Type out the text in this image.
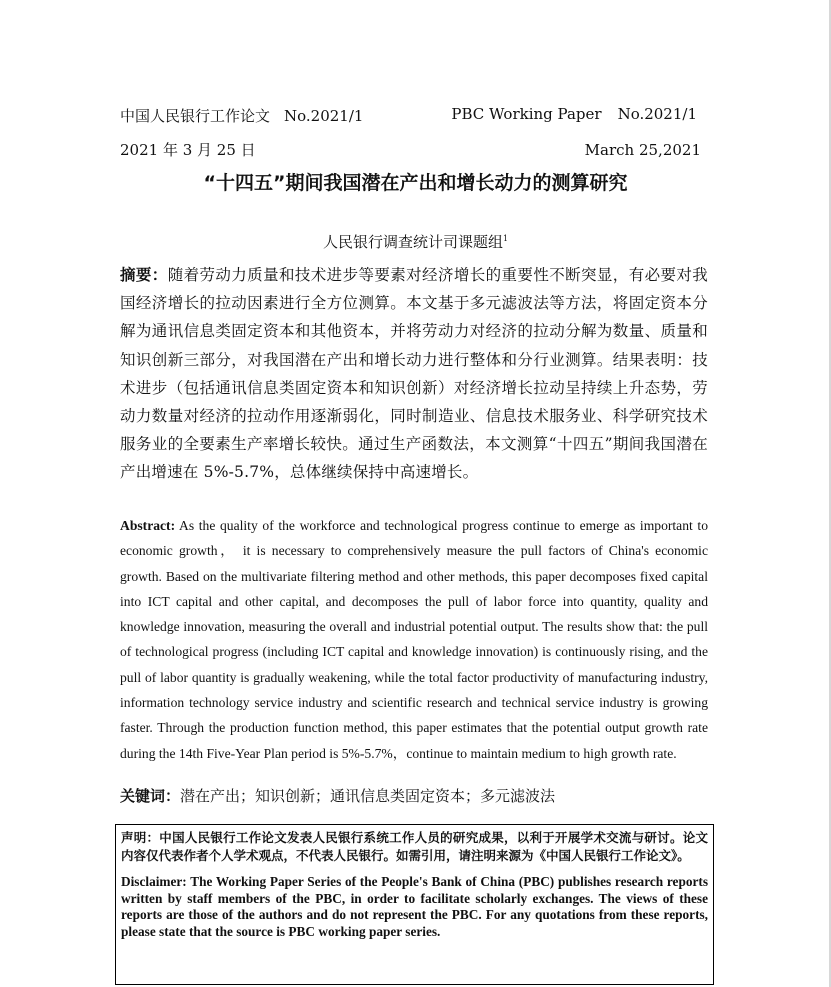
中国人民银行工作论文 No.2021/1	PBC Working Paper No.2021/1
2021 年 3 月 25 日	March 25,2021
“十四五”期间我国潜在产出和增长动力的测算研究
人民银行调查统计司课题组$^1$
摘要：随着劳动力质量和技术进步等要素对经济增长的重要性不断突显，有必要对我国经济增长的拉动因素进行全方位测算。本文基于多元滤波法等方法，将固定资本分解为通讯信息类固定资本和其他资本，并将劳动力对经济的拉动分解为数量、质量和知识创新三部分，对我国潜在产出和增长动力进行整体和分行业测算。结果表明：技术进步（包括通讯信息类固定资本和知识创新）对经济增长拉动呈持续上升态势，劳动力数量对经济的拉动作用逐渐弱化，同时制造业、信息技术服务业、科学研究技术服务业的全要素生产率增长较快。通过生产函数法，本文测算“十四五”期间我国潜在产出增速在 5%-5.7%，总体继续保持中高速增长。
Abstract: As the quality of the workforce and technological progress continue to emerge as important to economic growth， it is necessary to comprehensively measure the pull factors of China's economic growth. Based on the multivariate filtering method and other methods, this paper decomposes fixed capital into ICT capital and other capital, and decomposes the pull of labor force into quantity, quality and knowledge innovation, measuring the overall and industrial potential output. The results show that: the pull of technological progress (including ICT capital and knowledge innovation) is continuously rising, and the pull of labor quantity is gradually weakening, while the total factor productivity of manufacturing industry, information technology service industry and scientific research and technical service industry is growing faster. Through the production function method, this paper estimates that the potential output growth rate during the 14th Five-Year Plan period is 5%-5.7%，continue to maintain medium to high growth rate.
关键词：潜在产出；知识创新；通讯信息类固定资本；多元滤波法

声明：中国人民银行工作论文发表人民银行系统工作人员的研究成果，以利于开展学术交流与研讨。论文内容仅代表作者个人学术观点，不代表人民银行。如需引用，请注明来源为《中国人民银行工作论文》。

Disclaimer: The Working Paper Series of the People's Bank of China (PBC) publishes research reports written by staff members of the PBC, in order to facilitate scholarly exchanges. The views of these reports are those of the authors and do not represent the PBC. For any quotations from these reports, please state that the source is PBC working paper series.
